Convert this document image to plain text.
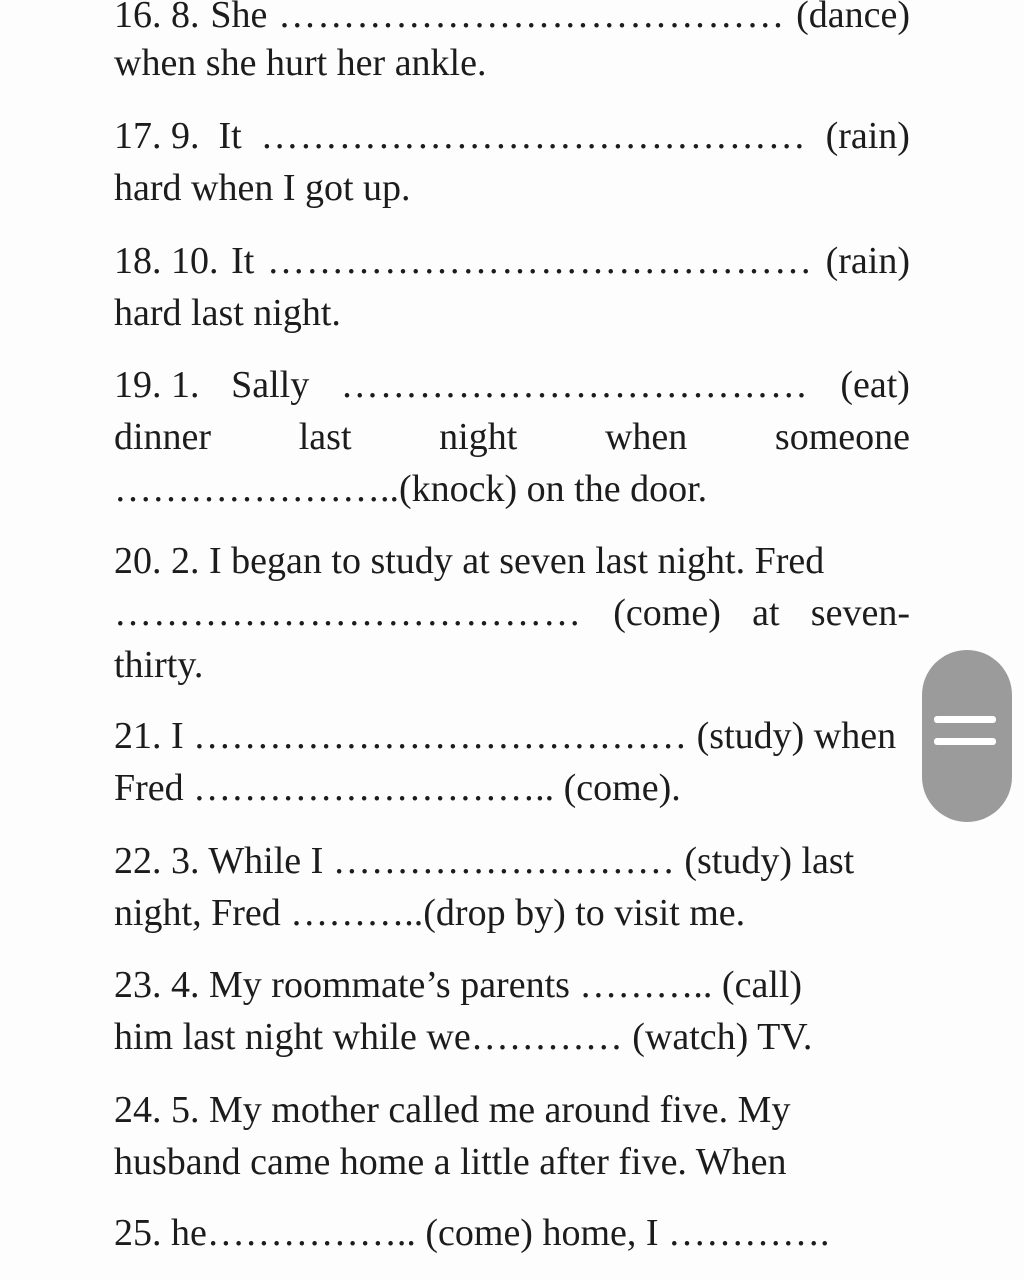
16. 8. She ………………………………… (dance)
when she hurt her ankle.
17. 9. It …………………………………… (rain)
hard when I got up.
18. 10. It …………………………………… (rain)
hard last night.
19. 1. Sally ……………………………… (eat)
dinner last night when someone
…………………..(knock) on the door.
20. 2. I began to study at seven last night. Fred
……………………………… (come) at seven-
thirty.
21. I ………………………………… (study) when
Fred ……………………….. (come).
22. 3. While I ……………………… (study) last
night, Fred ………..(drop by) to visit me.
23. 4. My roommate’s parents ……….. (call)
him last night while we………… (watch) TV.
24. 5. My mother called me around five. My
husband came home a little after five. When
25. he…………….. (come) home, I ………….
